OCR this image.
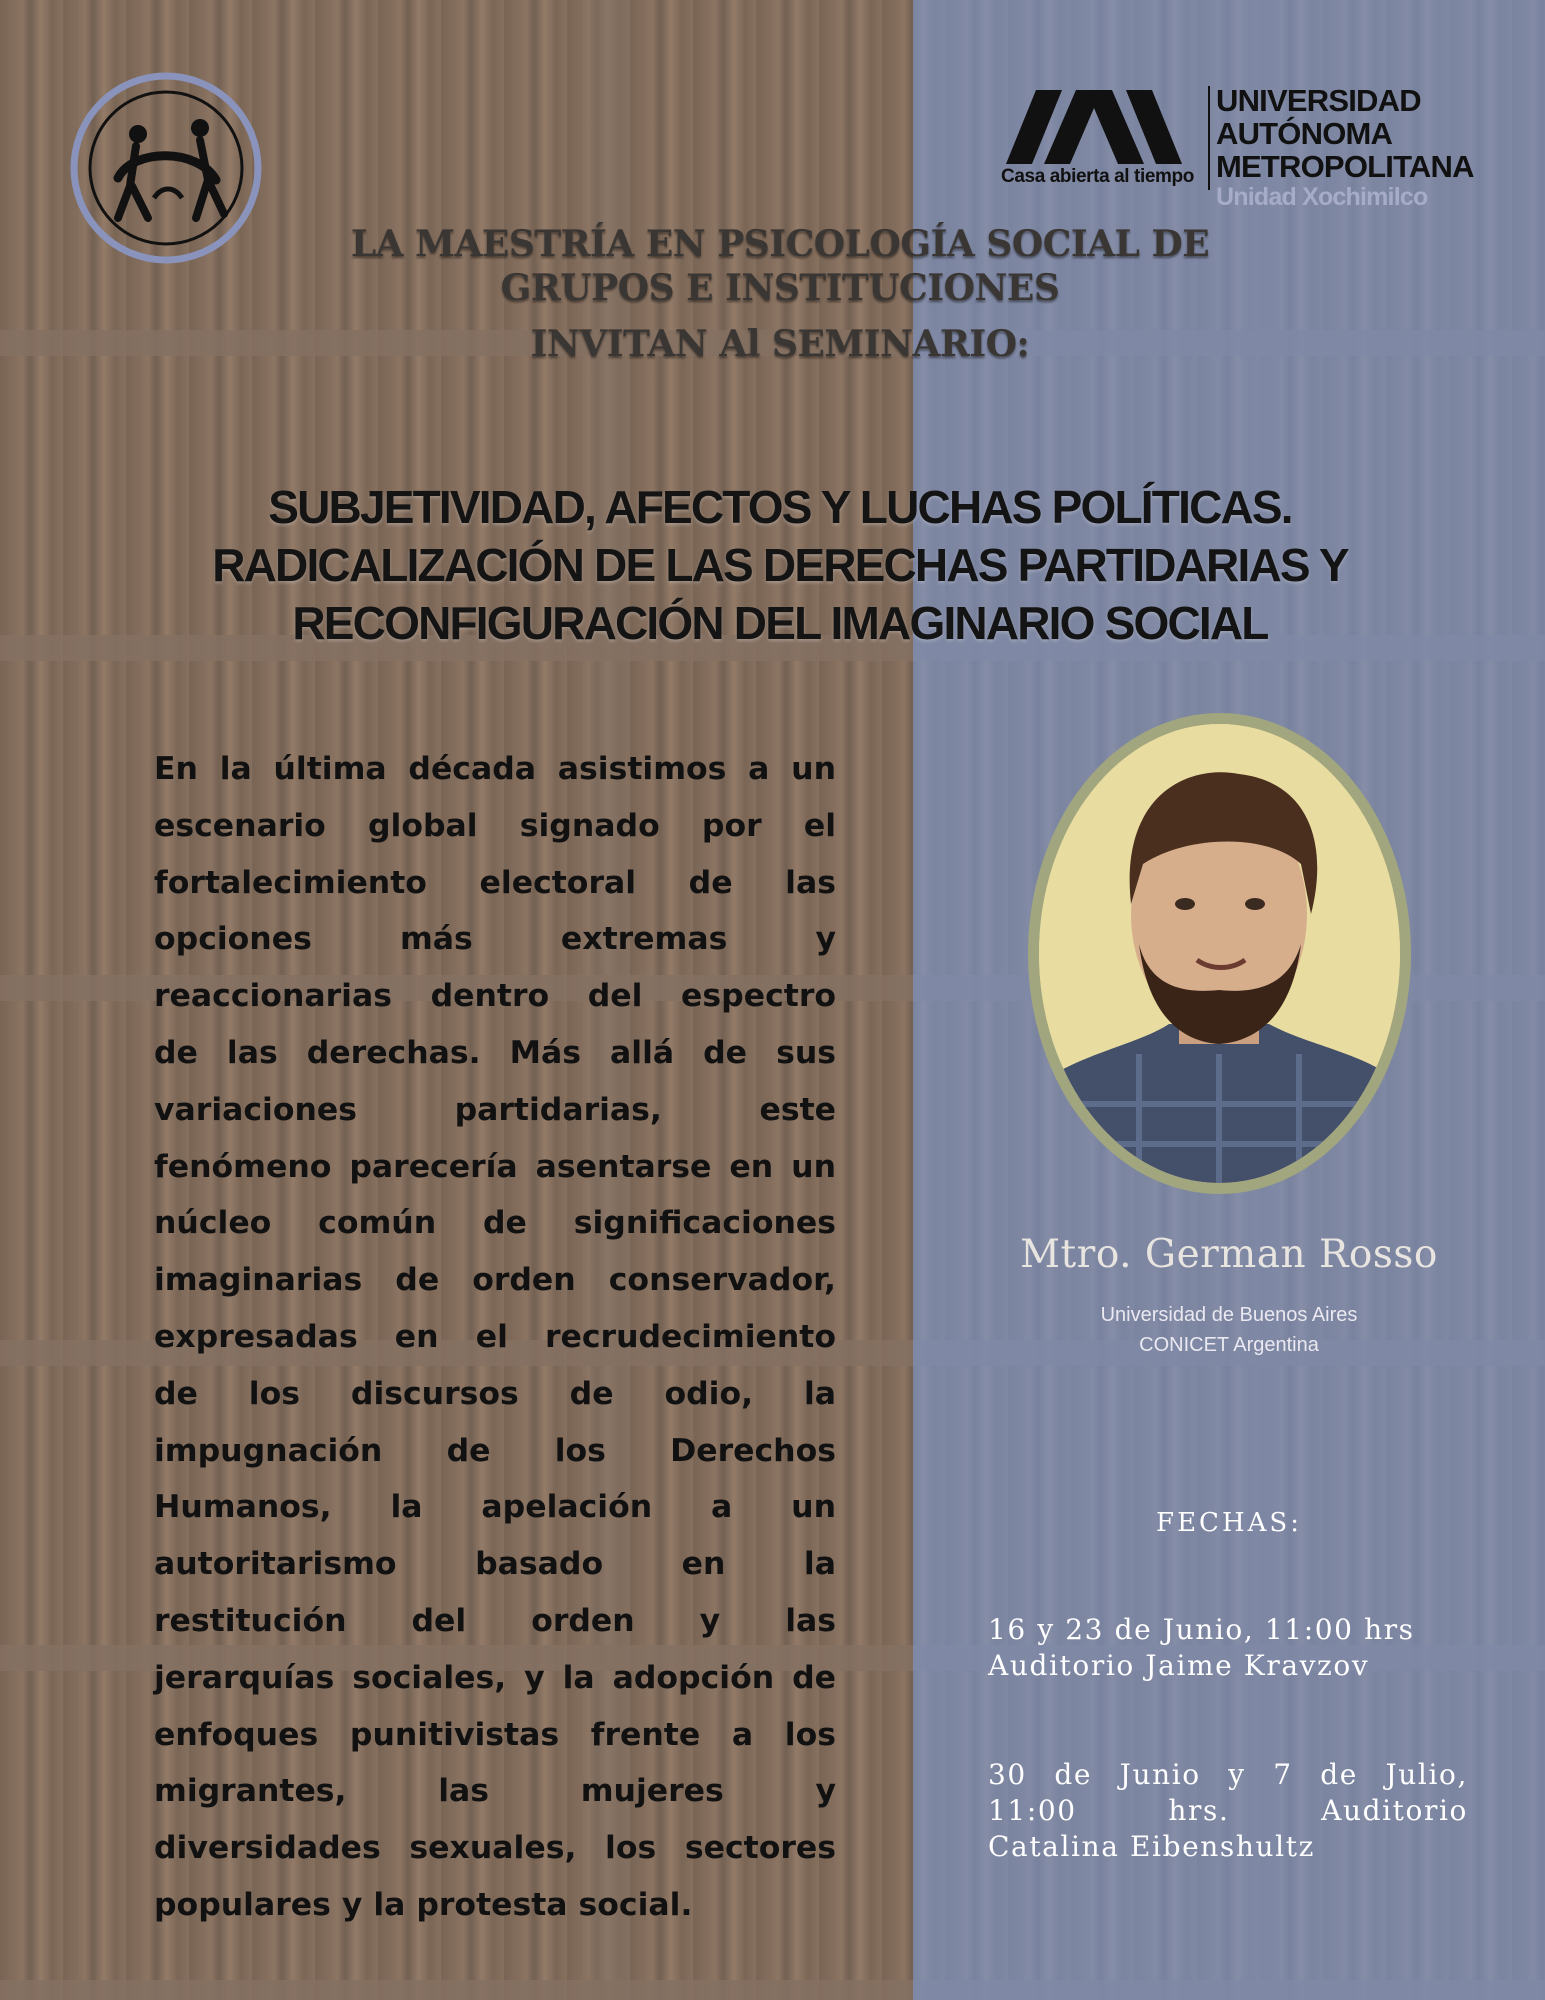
Casa abierta al tiempo
UNIVERSIDAD
AUTÓNOMA
METROPOLITANA
Unidad Xochimilco
LA MAESTRÍA EN PSICOLOGÍA SOCIAL DE
GRUPOS E INSTITUCIONES
INVITAN Al SEMINARIO:
SUBJETIVIDAD, AFECTOS Y LUCHAS POLÍTICAS.
RADICALIZACIÓN DE LAS DERECHAS PARTIDARIAS Y
RECONFIGURACIÓN DEL IMAGINARIO SOCIAL
En la última década asistimos a un
escenario global signado por el
fortalecimiento electoral de las
opciones más extremas y
reaccionarias dentro del espectro
de las derechas. Más allá de sus
variaciones partidarias, este
fenómeno parecería asentarse en un
núcleo común de significaciones
imaginarias de orden conservador,
expresadas en el recrudecimiento
de los discursos de odio, la
impugnación de los Derechos
Humanos, la apelación a un
autoritarismo basado en la
restitución del orden y las
jerarquías sociales, y la adopción de
enfoques punitivistas frente a los
migrantes, las mujeres y
diversidades sexuales, los sectores
populares y la protesta social.
Mtro. German Rosso
Universidad de Buenos Aires
CONICET Argentina
FECHAS:
16 y 23 de Junio, 11:00 hrs
Auditorio Jaime Kravzov
30 de Junio y 7 de Julio,
11:00 hrs. Auditorio
Catalina Eibenshultz
